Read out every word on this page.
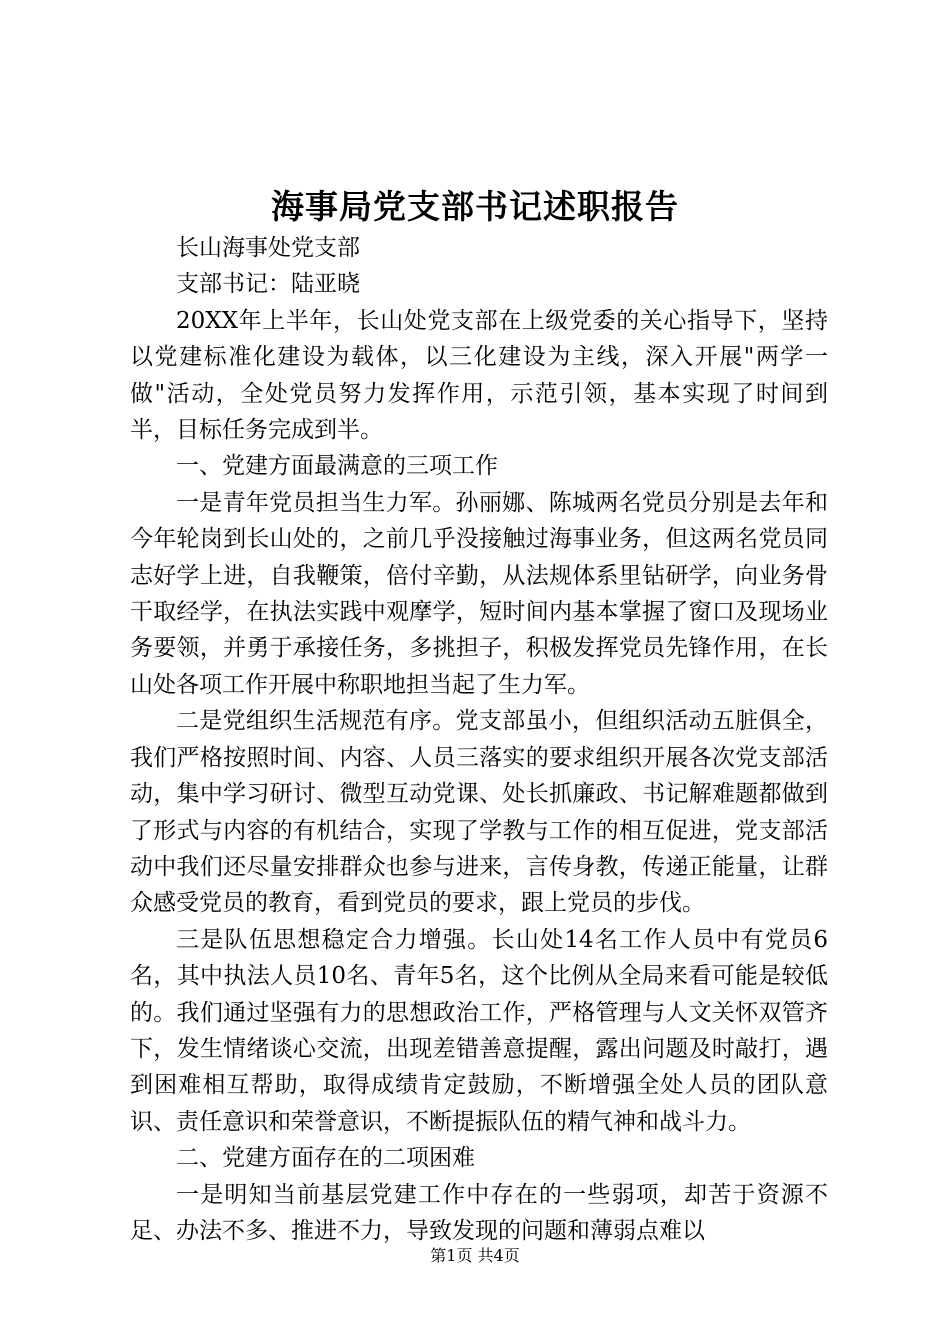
海事局党支部书记述职报告

长山海事处党支部

支部书记：陆亚晓

20XX年上半年，长山处党支部在上级党委的关心指导下，坚持以党建标准化建设为载体，以三化建设为主线，深入开展"两学一做"活动，全处党员努力发挥作用，示范引领，基本实现了时间到半，目标任务完成到半。

一、党建方面最满意的三项工作

一是青年党员担当生力军。孙丽娜、陈城两名党员分别是去年和今年轮岗到长山处的，之前几乎没接触过海事业务，但这两名党员同志好学上进，自我鞭策，倍付辛勤，从法规体系里钻研学，向业务骨干取经学，在执法实践中观摩学，短时间内基本掌握了窗口及现场业务要领，并勇于承接任务，多挑担子，积极发挥党员先锋作用，在长山处各项工作开展中称职地担当起了生力军。

二是党组织生活规范有序。党支部虽小，但组织活动五脏俱全，我们严格按照时间、内容、人员三落实的要求组织开展各次党支部活动，集中学习研讨、微型互动党课、处长抓廉政、书记解难题都做到了形式与内容的有机结合，实现了学教与工作的相互促进，党支部活动中我们还尽量安排群众也参与进来，言传身教，传递正能量，让群众感受党员的教育，看到党员的要求，跟上党员的步伐。

三是队伍思想稳定合力增强。长山处14名工作人员中有党员6名，其中执法人员10名、青年5名，这个比例从全局来看可能是较低的。我们通过坚强有力的思想政治工作，严格管理与人文关怀双管齐下，发生情绪谈心交流，出现差错善意提醒，露出问题及时敲打，遇到困难相互帮助，取得成绩肯定鼓励，不断增强全处人员的团队意识、责任意识和荣誉意识，不断提振队伍的精气神和战斗力。

二、党建方面存在的二项困难

一是明知当前基层党建工作中存在的一些弱项，却苦于资源不足、办法不多、推进不力，导致发现的问题和薄弱点难以

第1页 共4页
